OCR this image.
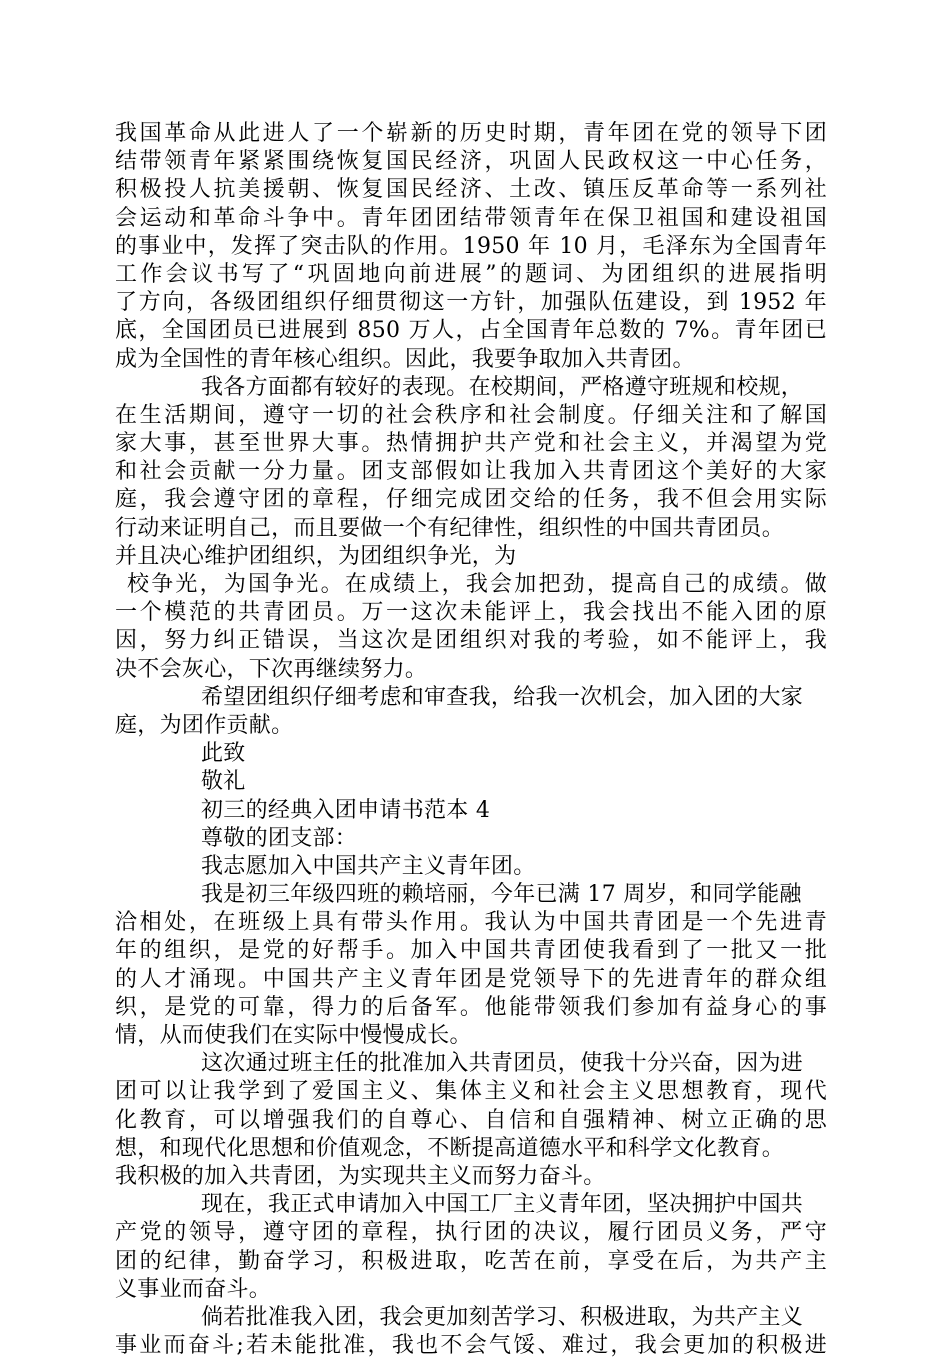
我国革命从此进人了一个崭新的历史时期，青年团在党的领导下团
结带领青年紧紧围绕恢复国民经济，巩固人民政权这一中心任务，
积极投人抗美援朝、恢复国民经济、土改、镇压反革命等一系列社
会运动和革命斗争中。青年团团结带领青年在保卫祖国和建设祖国
的事业中，发挥了突击队的作用。1950 年 10 月，毛泽东为全国青年
工作会议书写了“巩固地向前进展”的题词、为团组织的进展指明
了方向，各级团组织仔细贯彻这一方针，加强队伍建设，到 1952 年
底，全国团员已进展到 850 万人，占全国青年总数的 7%。青年团已
成为全国性的青年核心组织。因此，我要争取加入共青团。
我各方面都有较好的表现。在校期间，严格遵守班规和校规，
在生活期间，遵守一切的社会秩序和社会制度。仔细关注和了解国
家大事，甚至世界大事。热情拥护共产党和社会主义，并渴望为党
和社会贡献一分力量。团支部假如让我加入共青团这个美好的大家
庭，我会遵守团的章程，仔细完成团交给的任务，我不但会用实际
行动来证明自己，而且要做一个有纪律性，组织性的中国共青团员。
并且决心维护团组织，为团组织争光，为
校争光，为国争光。在成绩上，我会加把劲，提高自己的成绩。做
一个模范的共青团员。万一这次未能评上，我会找出不能入团的原
因，努力纠正错误，当这次是团组织对我的考验，如不能评上，我
决不会灰心，下次再继续努力。
希望团组织仔细考虑和审查我，给我一次机会，加入团的大家
庭，为团作贡献。
此致
敬礼
初三的经典入团申请书范本 4
尊敬的团支部：
我志愿加入中国共产主义青年团。
我是初三年级四班的赖培丽，今年已满 17 周岁，和同学能融
洽相处，在班级上具有带头作用。我认为中国共青团是一个先进青
年的组织，是党的好帮手。加入中国共青团使我看到了一批又一批
的人才涌现。中国共产主义青年团是党领导下的先进青年的群众组
织，是党的可靠，得力的后备军。他能带领我们参加有益身心的事
情，从而使我们在实际中慢慢成长。
这次通过班主任的批准加入共青团员，使我十分兴奋，因为进
团可以让我学到了爱国主义、集体主义和社会主义思想教育，现代
化教育，可以增强我们的自尊心、自信和自强精神、树立正确的思
想，和现代化思想和价值观念，不断提高道德水平和科学文化教育。
我积极的加入共青团，为实现共主义而努力奋斗。
现在，我正式申请加入中国工厂主义青年团，坚决拥护中国共
产党的领导，遵守团的章程，执行团的决议，履行团员义务，严守
团的纪律，勤奋学习，积极进取，吃苦在前，享受在后，为共产主
义事业而奋斗。
倘若批准我入团，我会更加刻苦学习、积极进取，为共产主义
事业而奋斗;若未能批准，我也不会气馁、难过，我会更加的积极进
